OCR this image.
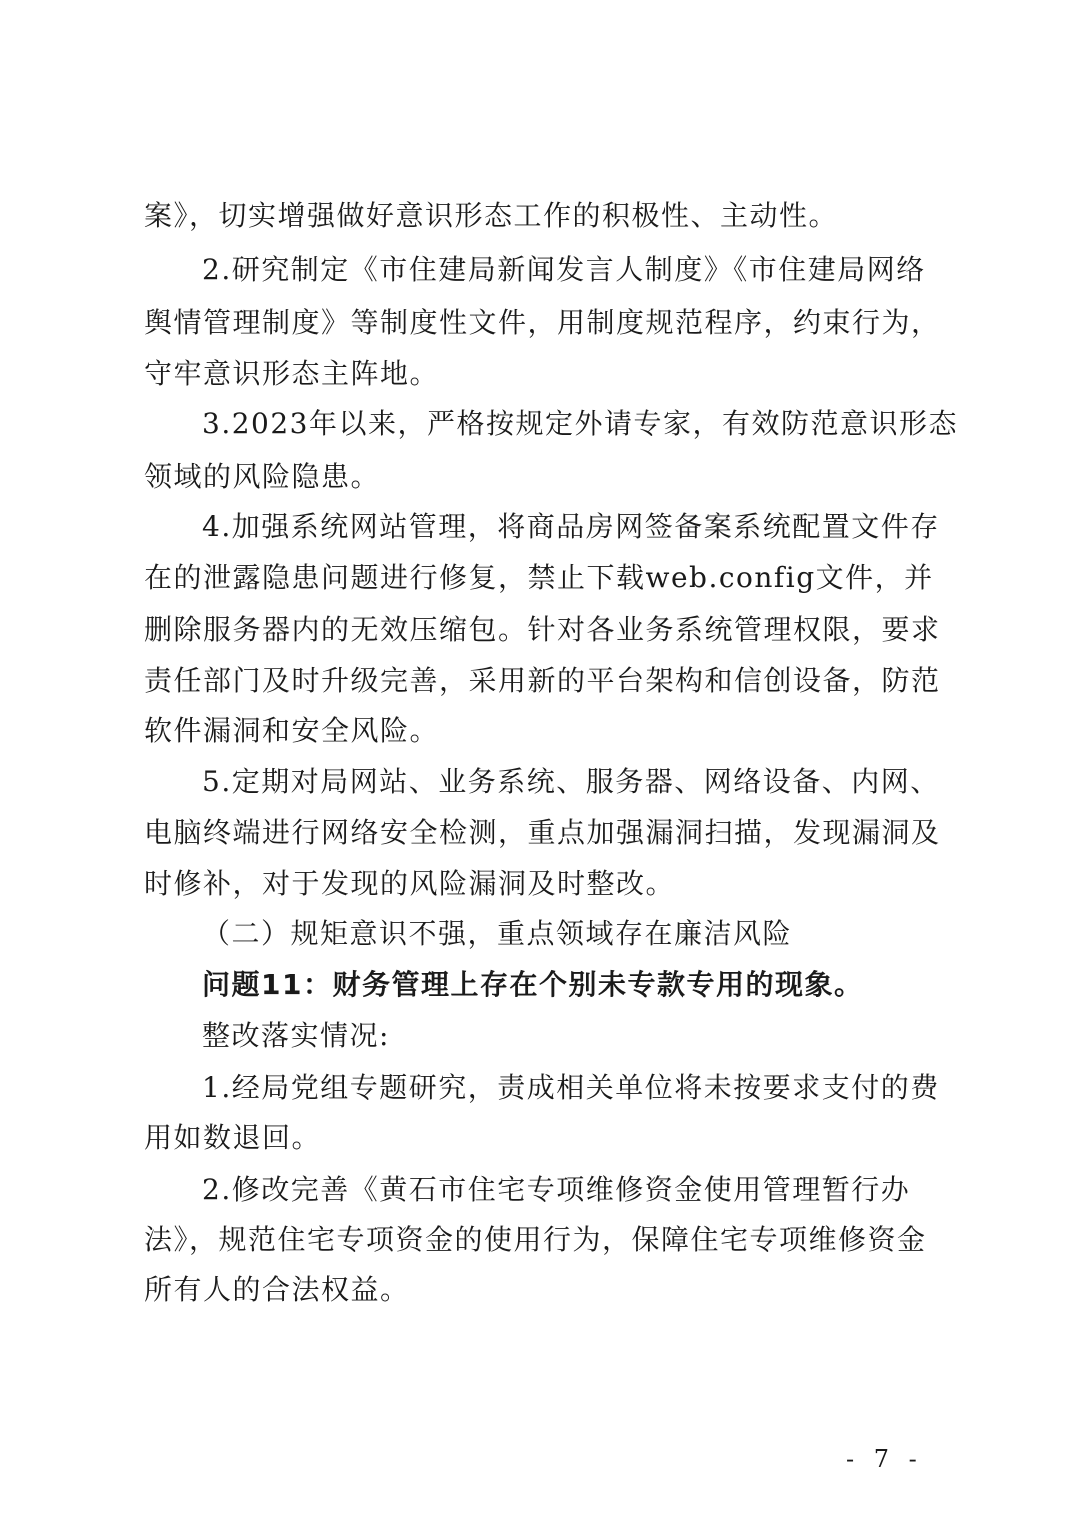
案》，切实增强做好意识形态工作的积极性、主动性。
2.研究制定《市住建局新闻发言人制度》《市住建局网络
舆情管理制度》等制度性文件，用制度规范程序，约束行为，
守牢意识形态主阵地。
3.2023年以来，严格按规定外请专家，有效防范意识形态
领域的风险隐患。
4.加强系统网站管理，将商品房网签备案系统配置文件存
在的泄露隐患问题进行修复，禁止下载web.config文件，并
删除服务器内的无效压缩包。针对各业务系统管理权限，要求
责任部门及时升级完善，采用新的平台架构和信创设备，防范
软件漏洞和安全风险。
5.定期对局网站、业务系统、服务器、网络设备、内网、
电脑终端进行网络安全检测，重点加强漏洞扫描，发现漏洞及
时修补，对于发现的风险漏洞及时整改。
（二）规矩意识不强，重点领域存在廉洁风险
问题11：财务管理上存在个别未专款专用的现象。
整改落实情况:
1.经局党组专题研究，责成相关单位将未按要求支付的费
用如数退回。
2.修改完善《黄石市住宅专项维修资金使用管理暂行办
法》，规范住宅专项资金的使用行为，保障住宅专项维修资金
所有人的合法权益。
- 7 -
